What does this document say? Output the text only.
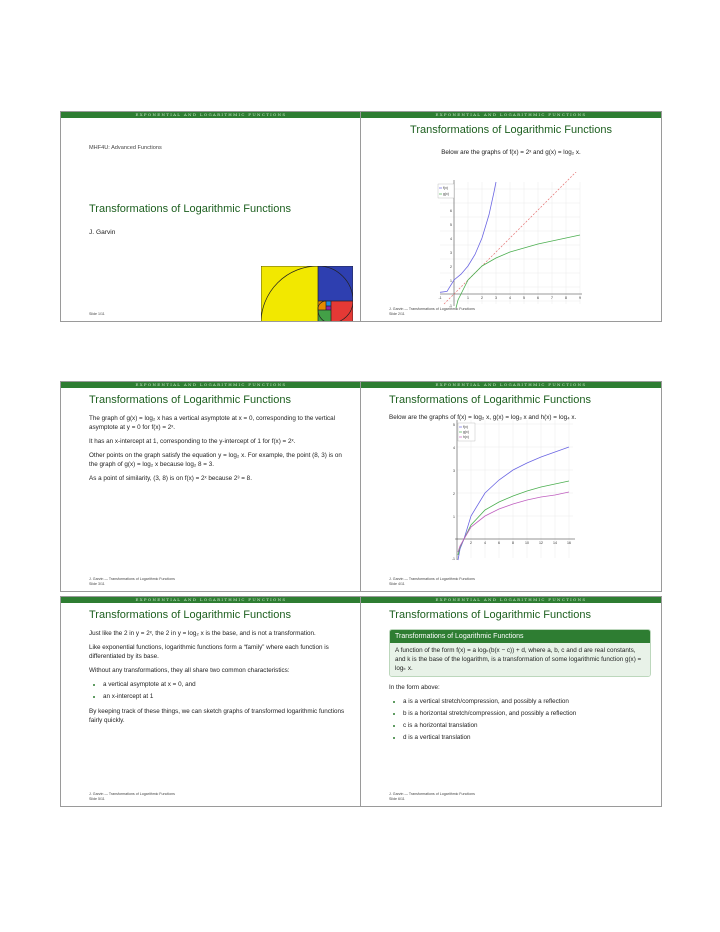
EXPONENTIAL AND LOGARITHMIC FUNCTIONS
MHF4U: Advanced Functions
Transformations of Logarithmic Functions
J. Garvin
Slide 1/11
EXPONENTIAL AND LOGARITHMIC FUNCTIONS
Transformations of Logarithmic Functions
Below are the graphs of f(x) = 2ˣ and g(x) = log₂ x.
1	2	3	4	5	6	7	8	9
-1
1
2
3
4
5
6
-1
f(x)
g(x)
J. Garvin — Transformations of Logarithmic Functions
Slide 2/11
EXPONENTIAL AND LOGARITHMIC FUNCTIONS
Transformations of Logarithmic Functions

The graph of g(x) = log₂ x has a vertical asymptote at x = 0, corresponding to the vertical asymptote at y = 0 for f(x) = 2ˣ.

It has an x-intercept at 1, corresponding to the y-intercept of 1 for f(x) = 2ˣ.

Other points on the graph satisfy the equation y = log₂ x. For example, the point (8, 3) is on the graph of g(x) = log₂ x because log₂ 8 = 3.

As a point of similarity, (3, 8) is on f(x) = 2ˣ because 2³ = 8.

J. Garvin — Transformations of Logarithmic Functions
Slide 3/11
EXPONENTIAL AND LOGARITHMIC FUNCTIONS
Transformations of Logarithmic Functions
Below are the graphs of f(x) = log₂ x, g(x) = log₃ x and h(x) = log₄ x.
2	4	6	8	10	12	14	16
1
2
3
4
5
-1
f(x)
g(x)
h(x)
J. Garvin — Transformations of Logarithmic Functions
Slide 4/11
EXPONENTIAL AND LOGARITHMIC FUNCTIONS
Transformations of Logarithmic Functions

Just like the 2 in y = 2ˣ, the 2 in y = log₂ x is the base, and is not a transformation.

Like exponential functions, logarithmic functions form a “family” where each function is differentiated by its base.

Without any transformations, they all share two common characteristics:

• a vertical asymptote at x = 0, and
• an x-intercept at 1

By keeping track of these things, we can sketch graphs of transformed logarithmic functions fairly quickly.

J. Garvin — Transformations of Logarithmic Functions
Slide 5/11
EXPONENTIAL AND LOGARITHMIC FUNCTIONS
Transformations of Logarithmic Functions
Transformations of Logarithmic Functions
A function of the form f(x) = a logₖ(b(x − c)) + d, where a, b, c and d are real constants, and k is the base of the logarithm, is a transformation of some logarithmic function g(x) = logₖ x.

In the form above:

• a is a vertical stretch/compression, and possibly a reflection
• b is a horizontal stretch/compression, and possibly a reflection
• c is a horizontal translation
• d is a vertical translation
J. Garvin — Transformations of Logarithmic Functions
Slide 6/11
